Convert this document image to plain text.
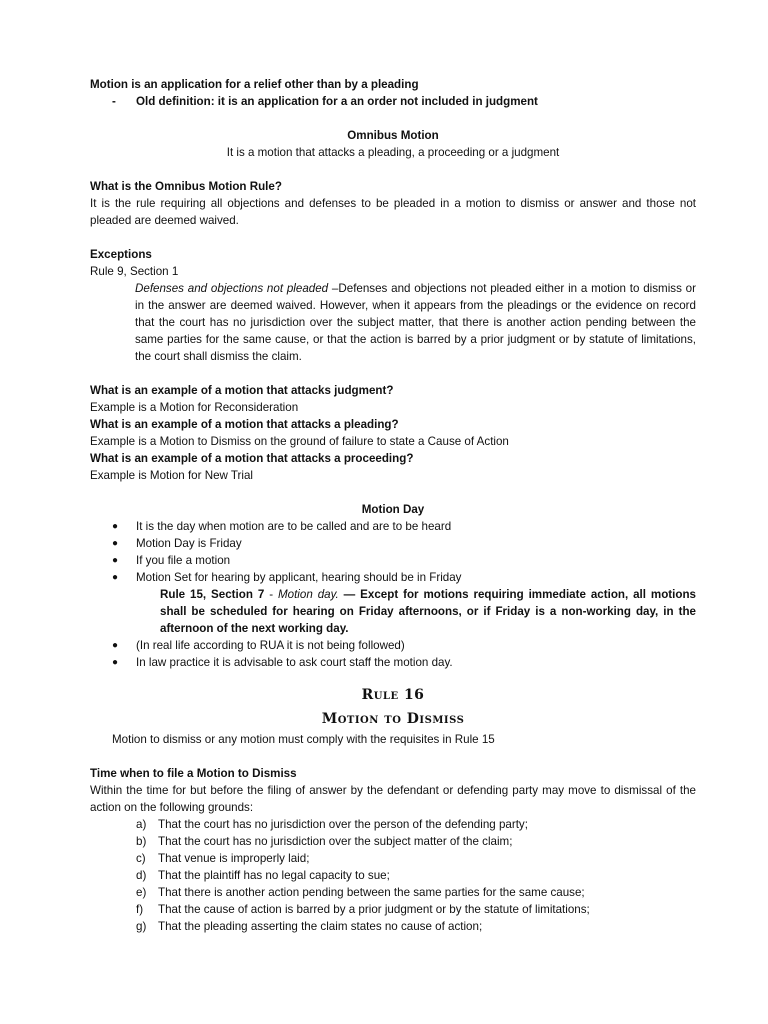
Motion is an application for a relief other than by a pleading

- Old definition: it is an application for a an order not included in judgment

Omnibus Motion

It is a motion that attacks a pleading, a proceeding or a judgment

What is the Omnibus Motion Rule?

It is the rule requiring all objections and defenses to be pleaded in a motion to dismiss or answer and those not pleaded are deemed waived.

Exceptions

Rule 9, Section 1

Defenses and objections not pleaded –Defenses and objections not pleaded either in a motion to dismiss or in the answer are deemed waived. However, when it appears from the pleadings or the evidence on record that the court has no jurisdiction over the subject matter, that there is another action pending between the same parties for the same cause, or that the action is barred by a prior judgment or by statute of limitations, the court shall dismiss the claim.

What is an example of a motion that attacks judgment?

Example is a Motion for Reconsideration

What is an example of a motion that attacks a pleading?

Example is a Motion to Dismiss on the ground of failure to state a Cause of Action

What is an example of a motion that attacks a proceeding?

Example is Motion for New Trial

Motion Day

● It is the day when motion are to be called and are to be heard
● Motion Day is Friday
● If you file a motion
● Motion Set for hearing by applicant, hearing should be in Friday

Rule 15, Section 7 - Motion day. — Except for motions requiring immediate action, all motions shall be scheduled for hearing on Friday afternoons, or if Friday is a non-working day, in the afternoon of the next working day.

● (In real life according to RUA it is not being followed)
● In law practice it is advisable to ask court staff the motion day.

Rule 16

Motion to Dismiss

Motion to dismiss or any motion must comply with the requisites in Rule 15

Time when to file a Motion to Dismiss

Within the time for but before the filing of answer by the defendant or defending party may move to dismissal of the action on the following grounds:

a) That the court has no jurisdiction over the person of the defending party;
b) That the court has no jurisdiction over the subject matter of the claim;
c) That venue is improperly laid;
d) That the plaintiff has no legal capacity to sue;
e) That there is another action pending between the same parties for the same cause;
f) That the cause of action is barred by a prior judgment or by the statute of limitations;
g) That the pleading asserting the claim states no cause of action;
